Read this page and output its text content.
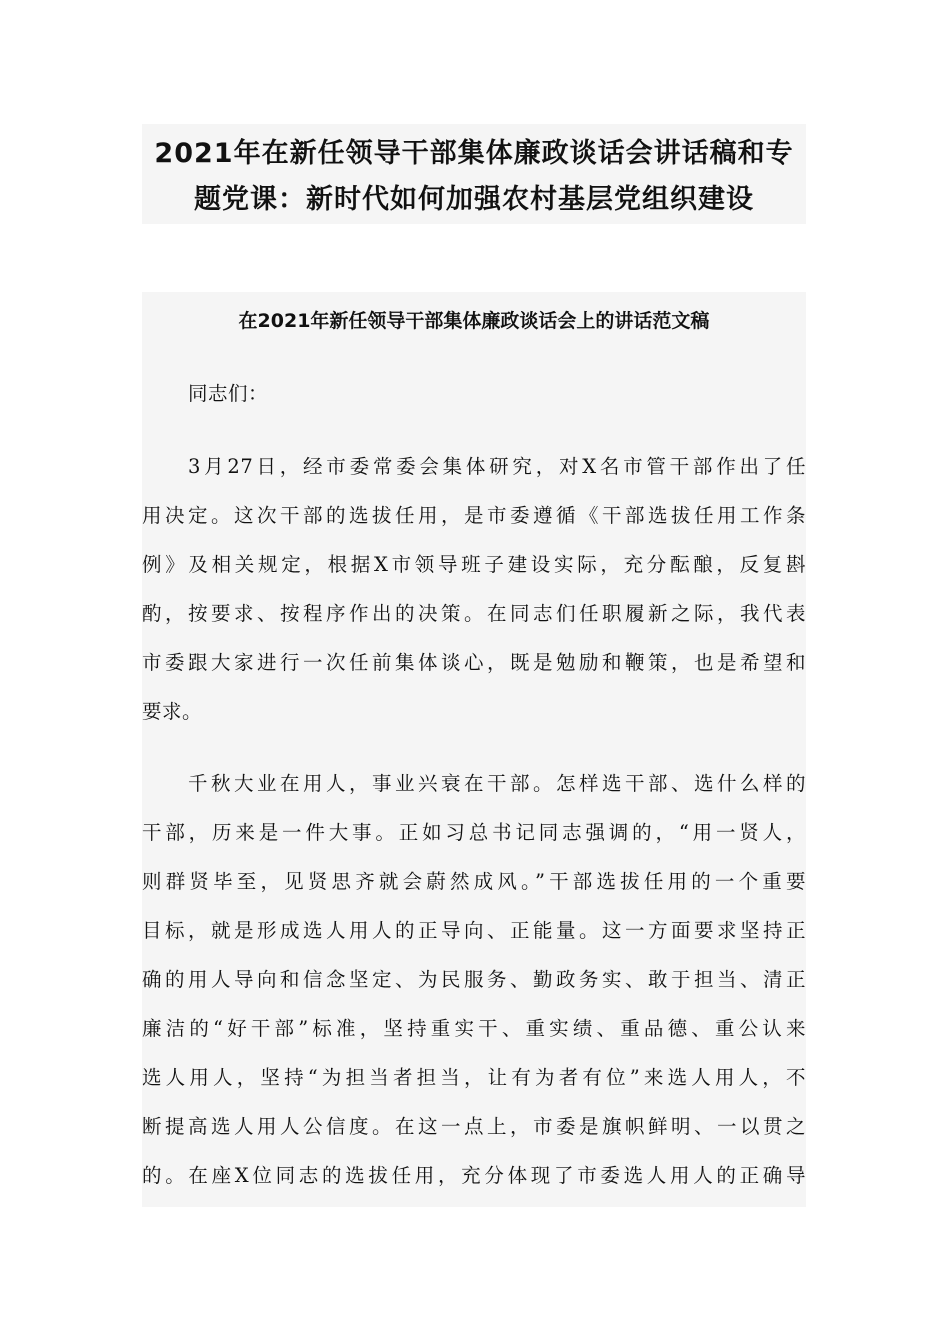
2021年在新任领导干部集体廉政谈话会讲话稿和专
题党课：新时代如何加强农村基层党组织建设
在2021年新任领导干部集体廉政谈话会上的讲话范文稿
同志们：
3月27日，经市委常委会集体研究，对X名市管干部作出了任
用决定。这次干部的选拔任用，是市委遵循《干部选拔任用工作条
例》及相关规定，根据X市领导班子建设实际，充分酝酿，反复斟
酌，按要求、按程序作出的决策。在同志们任职履新之际，我代表
市委跟大家进行一次任前集体谈心，既是勉励和鞭策，也是希望和
要求。
千秋大业在用人，事业兴衰在干部。怎样选干部、选什么样的
干部，历来是一件大事。正如习总书记同志强调的，“用一贤人，
则群贤毕至，见贤思齐就会蔚然成风。”干部选拔任用的一个重要
目标，就是形成选人用人的正导向、正能量。这一方面要求坚持正
确的用人导向和信念坚定、为民服务、勤政务实、敢于担当、清正
廉洁的“好干部”标准，坚持重实干、重实绩、重品德、重公认来
选人用人，坚持“为担当者担当，让有为者有位”来选人用人，不
断提高选人用人公信度。在这一点上，市委是旗帜鲜明、一以贯之
的。在座X位同志的选拔任用，充分体现了市委选人用人的正确导
